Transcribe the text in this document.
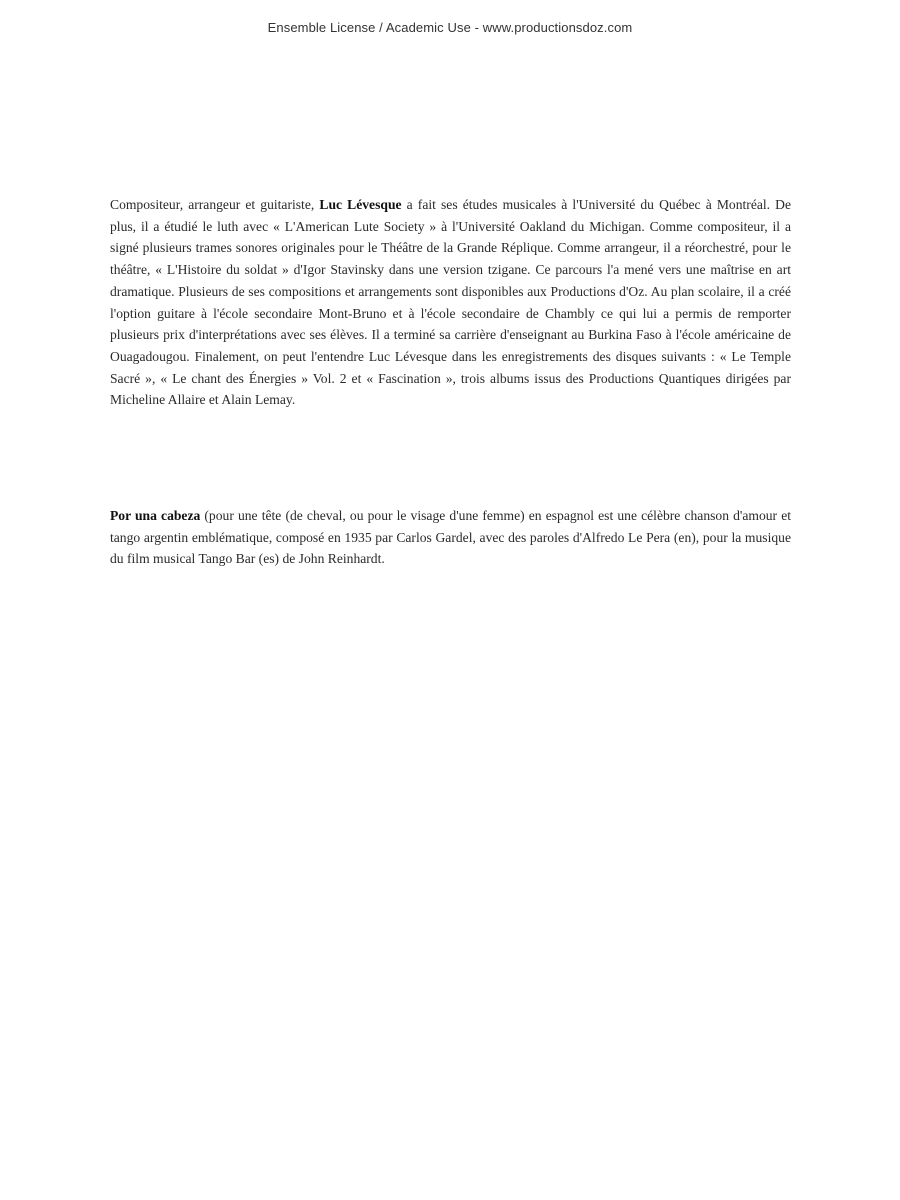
Ensemble License / Academic Use - www.productionsdoz.com

Compositeur, arrangeur et guitariste, Luc Lévesque a fait ses études musicales à l'Université du Québec à Montréal. De plus, il a étudié le luth avec « L'American Lute Society » à l'Université Oakland du Michigan. Comme compositeur, il a signé plusieurs trames sonores originales pour le Théâtre de la Grande Réplique. Comme arrangeur, il a réorchestré, pour le théâtre, « L'Histoire du soldat » d'Igor Stavinsky dans une version tzigane. Ce parcours l'a mené vers une maîtrise en art dramatique. Plusieurs de ses compositions et arrangements sont disponibles aux Productions d'Oz. Au plan scolaire, il a créé l'option guitare à l'école secondaire Mont-Bruno et à l'école secondaire de Chambly ce qui lui a permis de remporter plusieurs prix d'interprétations avec ses élèves. Il a terminé sa carrière d'enseignant au Burkina Faso à l'école américaine de Ouagadougou. Finalement, on peut l'entendre Luc Lévesque dans les enregistrements des disques suivants : « Le Temple Sacré », « Le chant des Énergies » Vol. 2 et « Fascination », trois albums issus des Productions Quantiques dirigées par Micheline Allaire et Alain Lemay.

Por una cabeza (pour une tête (de cheval, ou pour le visage d'une femme) en espagnol est une célèbre chanson d'amour et tango argentin emblématique, composé en 1935 par Carlos Gardel, avec des paroles d'Alfredo Le Pera (en), pour la musique du film musical Tango Bar (es) de John Reinhardt.
